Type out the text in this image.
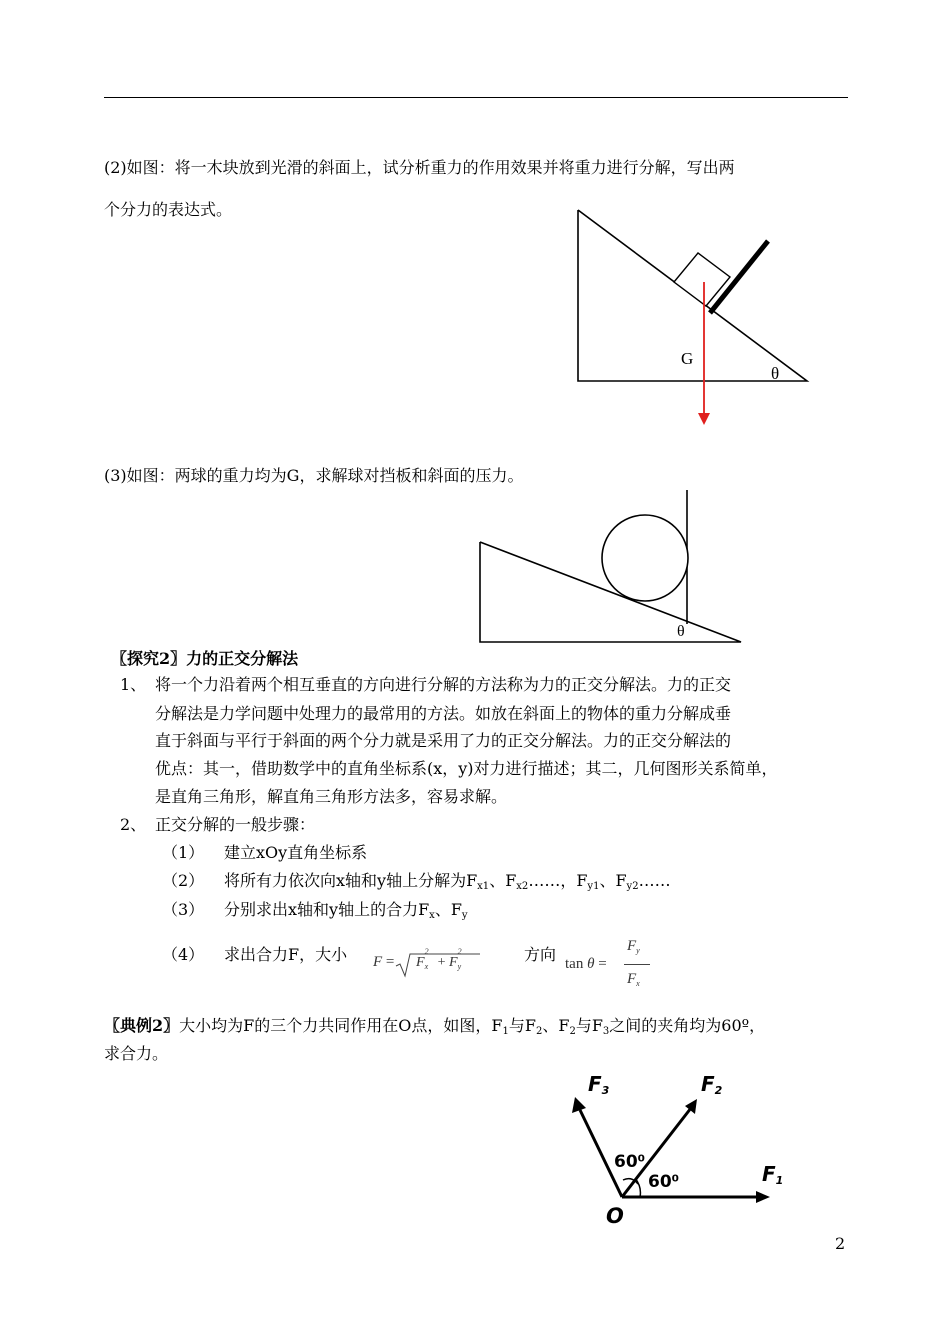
(2)如图：将一木块放到光滑的斜面上，试分析重力的作用效果并将重力进行分解，写出两
个分力的表达式。
G
θ
(3)如图：两球的重力均为G，求解球对挡板和斜面的压力。
θ
〖探究2〗力的正交分解法
1、 将一个力沿着两个相互垂直的方向进行分解的方法称为力的正交分解法。力的正交
分解法是力学问题中处理力的最常用的方法。如放在斜面上的物体的重力分解成垂
直于斜面与平行于斜面的两个分力就是采用了力的正交分解法。力的正交分解法的
优点：其一，借助数学中的直角坐标系(x，y)对力进行描述；其二，几何图形关系简单，
是直角三角形，解直角三角形方法多，容易求解。
2、 正交分解的一般步骤：
（1） 建立xOy直角坐标系
（2） 将所有力依次向x轴和y轴上分解为$F_{x1}$、$F_{x2}\dots\dots$，$F_{y1}$、$F_{y2}\dots\dots$
（3） 分别求出x轴和y轴上的合力$F_x$、$F_y$
（4） 求出合力F，大小 $F = F_x$
2
+ $F_y$
2	方向 tan θ =
$F_y$
$F_x$
〖典例2〗大小均为F的三个力共同作用在O点，如图，$F_1$与$F_2$、$F_2$与$F_3$之间的夹角均为60º，
求合力。
$F_3$	$F_2$
$F_1$
60⁰
60⁰
O
2
